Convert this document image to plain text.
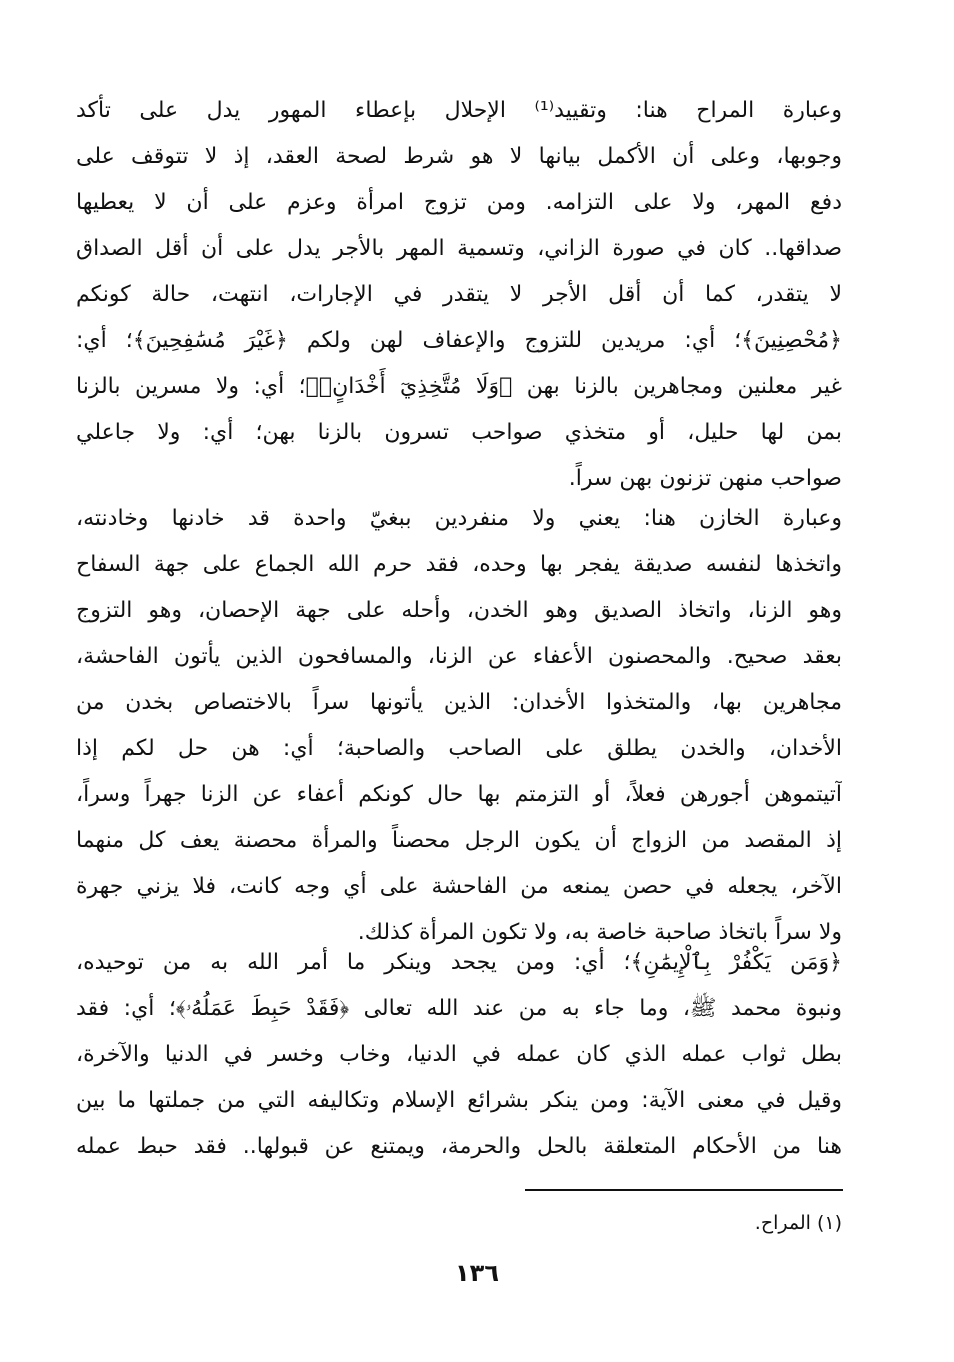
وعبارة المراح هنا: وتقييد⁽¹⁾ الإحلال بإعطاء المهور يدل على تأكد
وجوبها، وعلى أن الأكمل بيانها لا هو شرط لصحة العقد، إذ لا تتوقف على
دفع المهر، ولا على التزامه. ومن تزوج امرأة وعزم على أن لا يعطيها
صداقها.. كان في صورة الزاني، وتسمية المهر بالأجر يدل على أن أقل الصداق
لا يتقدر، كما أن أقل الأجر لا يتقدر في الإجارات، انتهت، حالة كونكم
﴿مُحْصِنِينَ﴾؛ أي: مريدين للتزوج والإعفاف لهن ولكم ﴿غَيْرَ مُسَٰفِحِينَ﴾؛ أي:
غير معلنين ومجاهرين بالزنا بهن ﴿وَلَا مُتَّخِذِيٓ أَخْدَانٍۗ﴾؛ أي: ولا مسرين بالزنا
بمن لها حليل، أو متخذي صواحب تسرون بالزنا بهن؛ أي: ولا جاعلي
صواحب منهن تزنون بهن سراً.
وعبارة الخازن هنا: يعني ولا منفردين ببغيّ واحدة قد خادنها وخادنته،
واتخذها لنفسه صديقة يفجر بها وحده، فقد حرم الله الجماع على جهة السفاح
وهو الزنا، واتخاذ الصديق وهو الخدن، وأحله على جهة الإحصان، وهو التزوج
بعقد صحيح. والمحصنون الأعفاء عن الزنا، والمسافحون الذين يأتون الفاحشة،
مجاهرين بها، والمتخذوا الأخدان: الذين يأتونها سراً بالاختصاص بخدن من
الأخدان، والخدن يطلق على الصاحب والصاحبة؛ أي: هن حل لكم إذا
آتيتموهن أجورهن فعلاً، أو التزمتم بها حال كونكم أعفاء عن الزنا جهراً وسراً،
إذ المقصد من الزواج أن يكون الرجل محصناً والمرأة محصنة يعف كل منهما
الآخر، يجعله في حصن يمنعه من الفاحشة على أي وجه كانت، فلا يزني جهرة
ولا سراً باتخاذ صاحبة خاصة به، ولا تكون المرأة كذلك.
﴿وَمَن يَكْفُرْ بِٱلْإِيمَٰنِ﴾؛ أي: ومن يجحد وينكر ما أمر الله به من توحيده،
ونبوة محمد ﷺ، وما جاء به من عند الله تعالى ﴿فَقَدْ حَبِطَ عَمَلُهُۥ﴾؛ أي: فقد
بطل ثواب عمله الذي كان عمله في الدنيا، وخاب وخسر في الدنيا والآخرة،
وقيل في معنى الآية: ومن ينكر بشرائع الإسلام وتكاليفه التي من جملتها ما بين
هنا من الأحكام المتعلقة بالحل والحرمة، ويمتنع عن قبولها.. فقد حبط عمله
(١) المراح.
١٣٦
